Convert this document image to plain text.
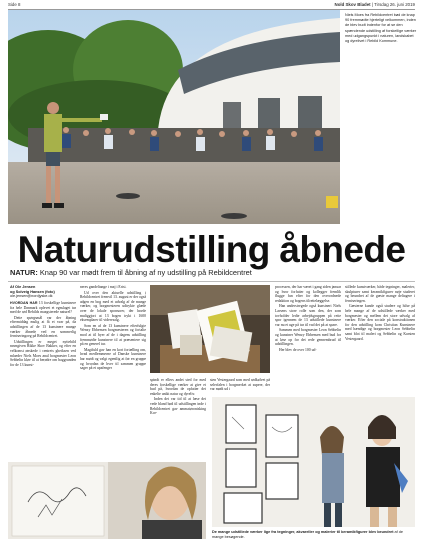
Side 8	Nold Skov Bladet | Tirsdag 26. juni 2019
Niels Moes fra Rebildcentret bød de knap 90 fremmødte hjerteligt velkommen, inden de blev budt indenfor for at se den spændende udstilling af forskellige værker med udgangspunkt i naturen, landskabet og dyrelivet i Rebild Kommune.
Naturudstilling åbnede
NATUR: Knap 90 var mødt frem til åbning af ny udstilling på Rebildcentret
Af Ole Jensen
og Solveig Hansen (foto)
ole.jensen@nordjyske.dk

HVORDAN HAR 13 forskellige kunstnere fra hele Danmark oplevet et egnslaget tur med de rød Rebilds maagsterede naturel?

Dette spørgsmål var der åbning eftermiddag mulig at få et svar på, da udstillingen af de 13 kunstnere mange værker åbnede ved en sommerlig ferniseringoeg på Rebildcentret.

Udstillingen er meget nyttebild navngiven Rikke Skov Bakker, og efter en velkomst ønskede i centrets ghetksen ved mlaeder Niels Moes anal borgmester Leon Sebbelin kløe til at berødre om baggrunden for de 13 kunst-

neres gandeltange i maj i Ertsi.

Ud over den aktuelle udstilling i Rebildcentret fremvil 13. august er der også adgen en bog med et udvalg af de mange værker, og borgmesteren udtrykte glæde over de lokale sponsorer, der havde muliggjort at 13 bogen trykt i 1600 eksemplarer til videresalg.

Som en af de 13 kunstnere efterfulgte Wenzy Ebbensen borgmesteren og fortalte mod at til byer af de i dagens udstilling fremmødte kunstnere til at præsentere sig på en generel tur.

Magtfuld gav han en kort fortælling om, hvad medlemmerne af Danske kunstnere har mødt og valgt egentlig at før en gruppe og hvordan de hver til sammen gruppe sager på et upafenger

spindt er ellers andet sted for med deres forskellige værker at give et bud på, hvordan de opfatter det enkelte unikt natur og dyreliv.

Inden det var tid til at læse det vede bland bød til udstillingen inde i Rebildcentret gav ammatøronisking Kor-

sten Vestergaard som med rødkølvet på selerfalen i borgmerket at supere, der var mødt ud i

processen, der har været i gang siden januar og hvor forfatter og kollegger fremlik flugge fun efter for den overordnede redaktion og bogens tilrettelæggelse.

Han understregede også kunstneri Niels Larsens store rolle som den, der som tovholder ledte arbejdsgruppen på rette spor igennem de 13 udstillede kunstnere var nu et uge på tur til vad det på at spare.

Sammen med borgmester Leon Sebbelin og kunstner Wenzy Ebbensen med bud for at løse op for det rede gennembrud til udstillingen.

Her blev de over 100 ud-

stillede kunstværker, både tegninger, malerier, skulpturer samt keramikfigurer nøje studeret og beundret af de gæste mange deltagere i ferniseringen.

Gæsterne kunde også studere og hilse på hele mange af de udstillede værker med borgmester og mellem det store udvalg af værker. Efter den sociale på konstruktionen for den udstilling kom Christian Kunstnere med hændige og borgmester Leon Sebbelin samt blot til maleri og Sebbelin og Karsten Vestergaard.

De mange udstillede værker lige fra tegninger, akvareller og malerier til keramikfigurer blev beundret af de mange besøgende.
